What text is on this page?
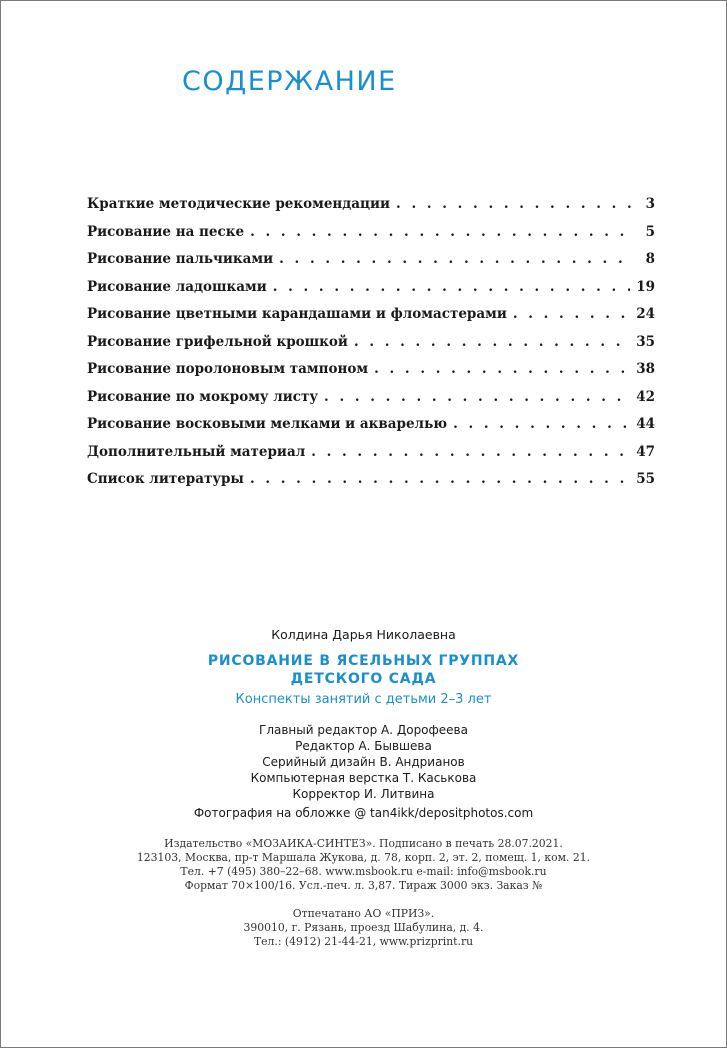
СОДЕРЖАНИЕ
Краткие методические рекомендации . . .	3
Рисование на песке . . .	5
Рисование пальчиками . . .	8
Рисование ладошками . . .	19
Рисование цветными карандашами и фломастерами . . .	24
Рисование грифельной крошкой . . .	35
Рисование поролоновым тампоном . . .	38
Рисование по мокрому листу . . .	42
Рисование восковыми мелками и акварелью . . .	44
Дополнительный материал . . .	47
Список литературы . . .	55
Колдина Дарья Николаевна
РИСОВАНИЕ В ЯСЕЛЬНЫХ ГРУППАХ
ДЕТСКОГО САДА
Конспекты занятий с детьми 2–3 лет
Главный редактор А. Дорофеева
Редактор А. Бывшева
Серийный дизайн В. Андрианов
Компьютерная верстка Т. Каськова
Корректор И. Литвина
Фотография на обложке @ tan4ikk/depositphotos.com
Издательство «МОЗАИКА-СИНТЕЗ». Подписано в печать 28.07.2021.
123103, Москва, пр-т Маршала Жукова, д. 78, корп. 2, эт. 2, помещ. 1, ком. 21.
Тел. +7 (495) 380–22–68. www.msbook.ru e-mail: info@msbook.ru
Формат 70×100/16. Усл.-печ. л. 3,87. Тираж 3000 экз. Заказ №
Отпечатано АО «ПРИЗ».
390010, г. Рязань, проезд Шабулина, д. 4.
Тел.: (4912) 21-44-21, www.prizprint.ru
